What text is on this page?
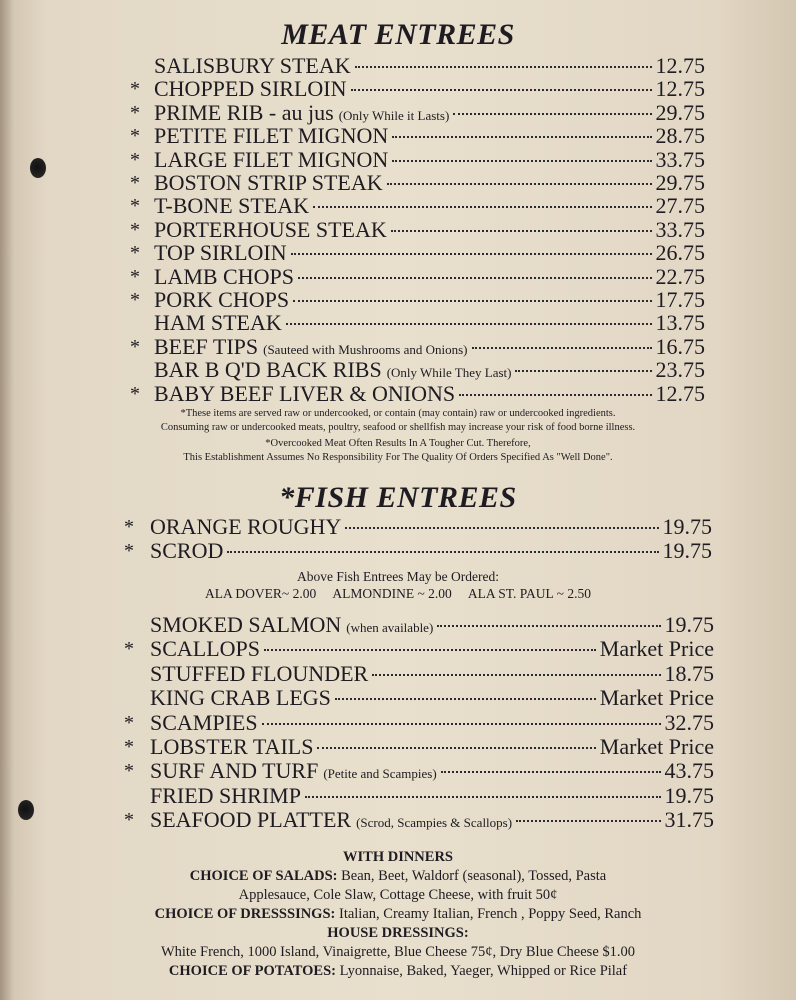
MEAT ENTREES
SALISBURY STEAK	12.75
* CHOPPED SIRLOIN	12.75
* PRIME RIB - au jus (Only While it Lasts)	29.75
* PETITE FILET MIGNON	28.75
* LARGE FILET MIGNON	33.75
* BOSTON STRIP STEAK	29.75
* T-BONE STEAK	27.75
* PORTERHOUSE STEAK	33.75
* TOP SIRLOIN	26.75
* LAMB CHOPS	22.75
* PORK CHOPS	17.75
HAM STEAK	13.75
* BEEF TIPS (Sauteed with Mushrooms and Onions)	16.75
BAR B Q'D BACK RIBS (Only While They Last)	23.75
* BABY BEEF LIVER & ONIONS	12.75

*These items are served raw or undercooked, or contain (may contain) raw or undercooked ingredients.

Consuming raw or undercooked meats, poultry, seafood or shellfish may increase your risk of food borne illness.

*Overcooked Meat Often Results In A Tougher Cut. Therefore,

This Establishment Assumes No Responsibility For The Quality Of Orders Specified As "Well Done".

*FISH ENTREES
* ORANGE ROUGHY	19.75
* SCROD	19.75

Above Fish Entrees May be Ordered:

ALA DOVER~ 2.00     ALMONDINE ~ 2.00     ALA ST. PAUL ~ 2.50

SMOKED SALMON (when available)	19.75
* SCALLOPS	Market Price
STUFFED FLOUNDER	18.75
KING CRAB LEGS	Market Price
* SCAMPIES	32.75
* LOBSTER TAILS	Market Price
* SURF AND TURF (Petite and Scampies)	43.75
FRIED SHRIMP	19.75
* SEAFOOD PLATTER (Scrod, Scampies & Scallops)	31.75

WITH DINNERS

CHOICE OF SALADS: Bean, Beet, Waldorf (seasonal), Tossed, Pasta

Applesauce, Cole Slaw, Cottage Cheese, with fruit 50¢

CHOICE OF DRESSSINGS: Italian, Creamy Italian, French , Poppy Seed, Ranch

HOUSE DRESSINGS:

White French, 1000 Island, Vinaigrette, Blue Cheese 75¢, Dry Blue Cheese $1.00

CHOICE OF POTATOES: Lyonnaise, Baked, Yaeger, Whipped or Rice Pilaf
